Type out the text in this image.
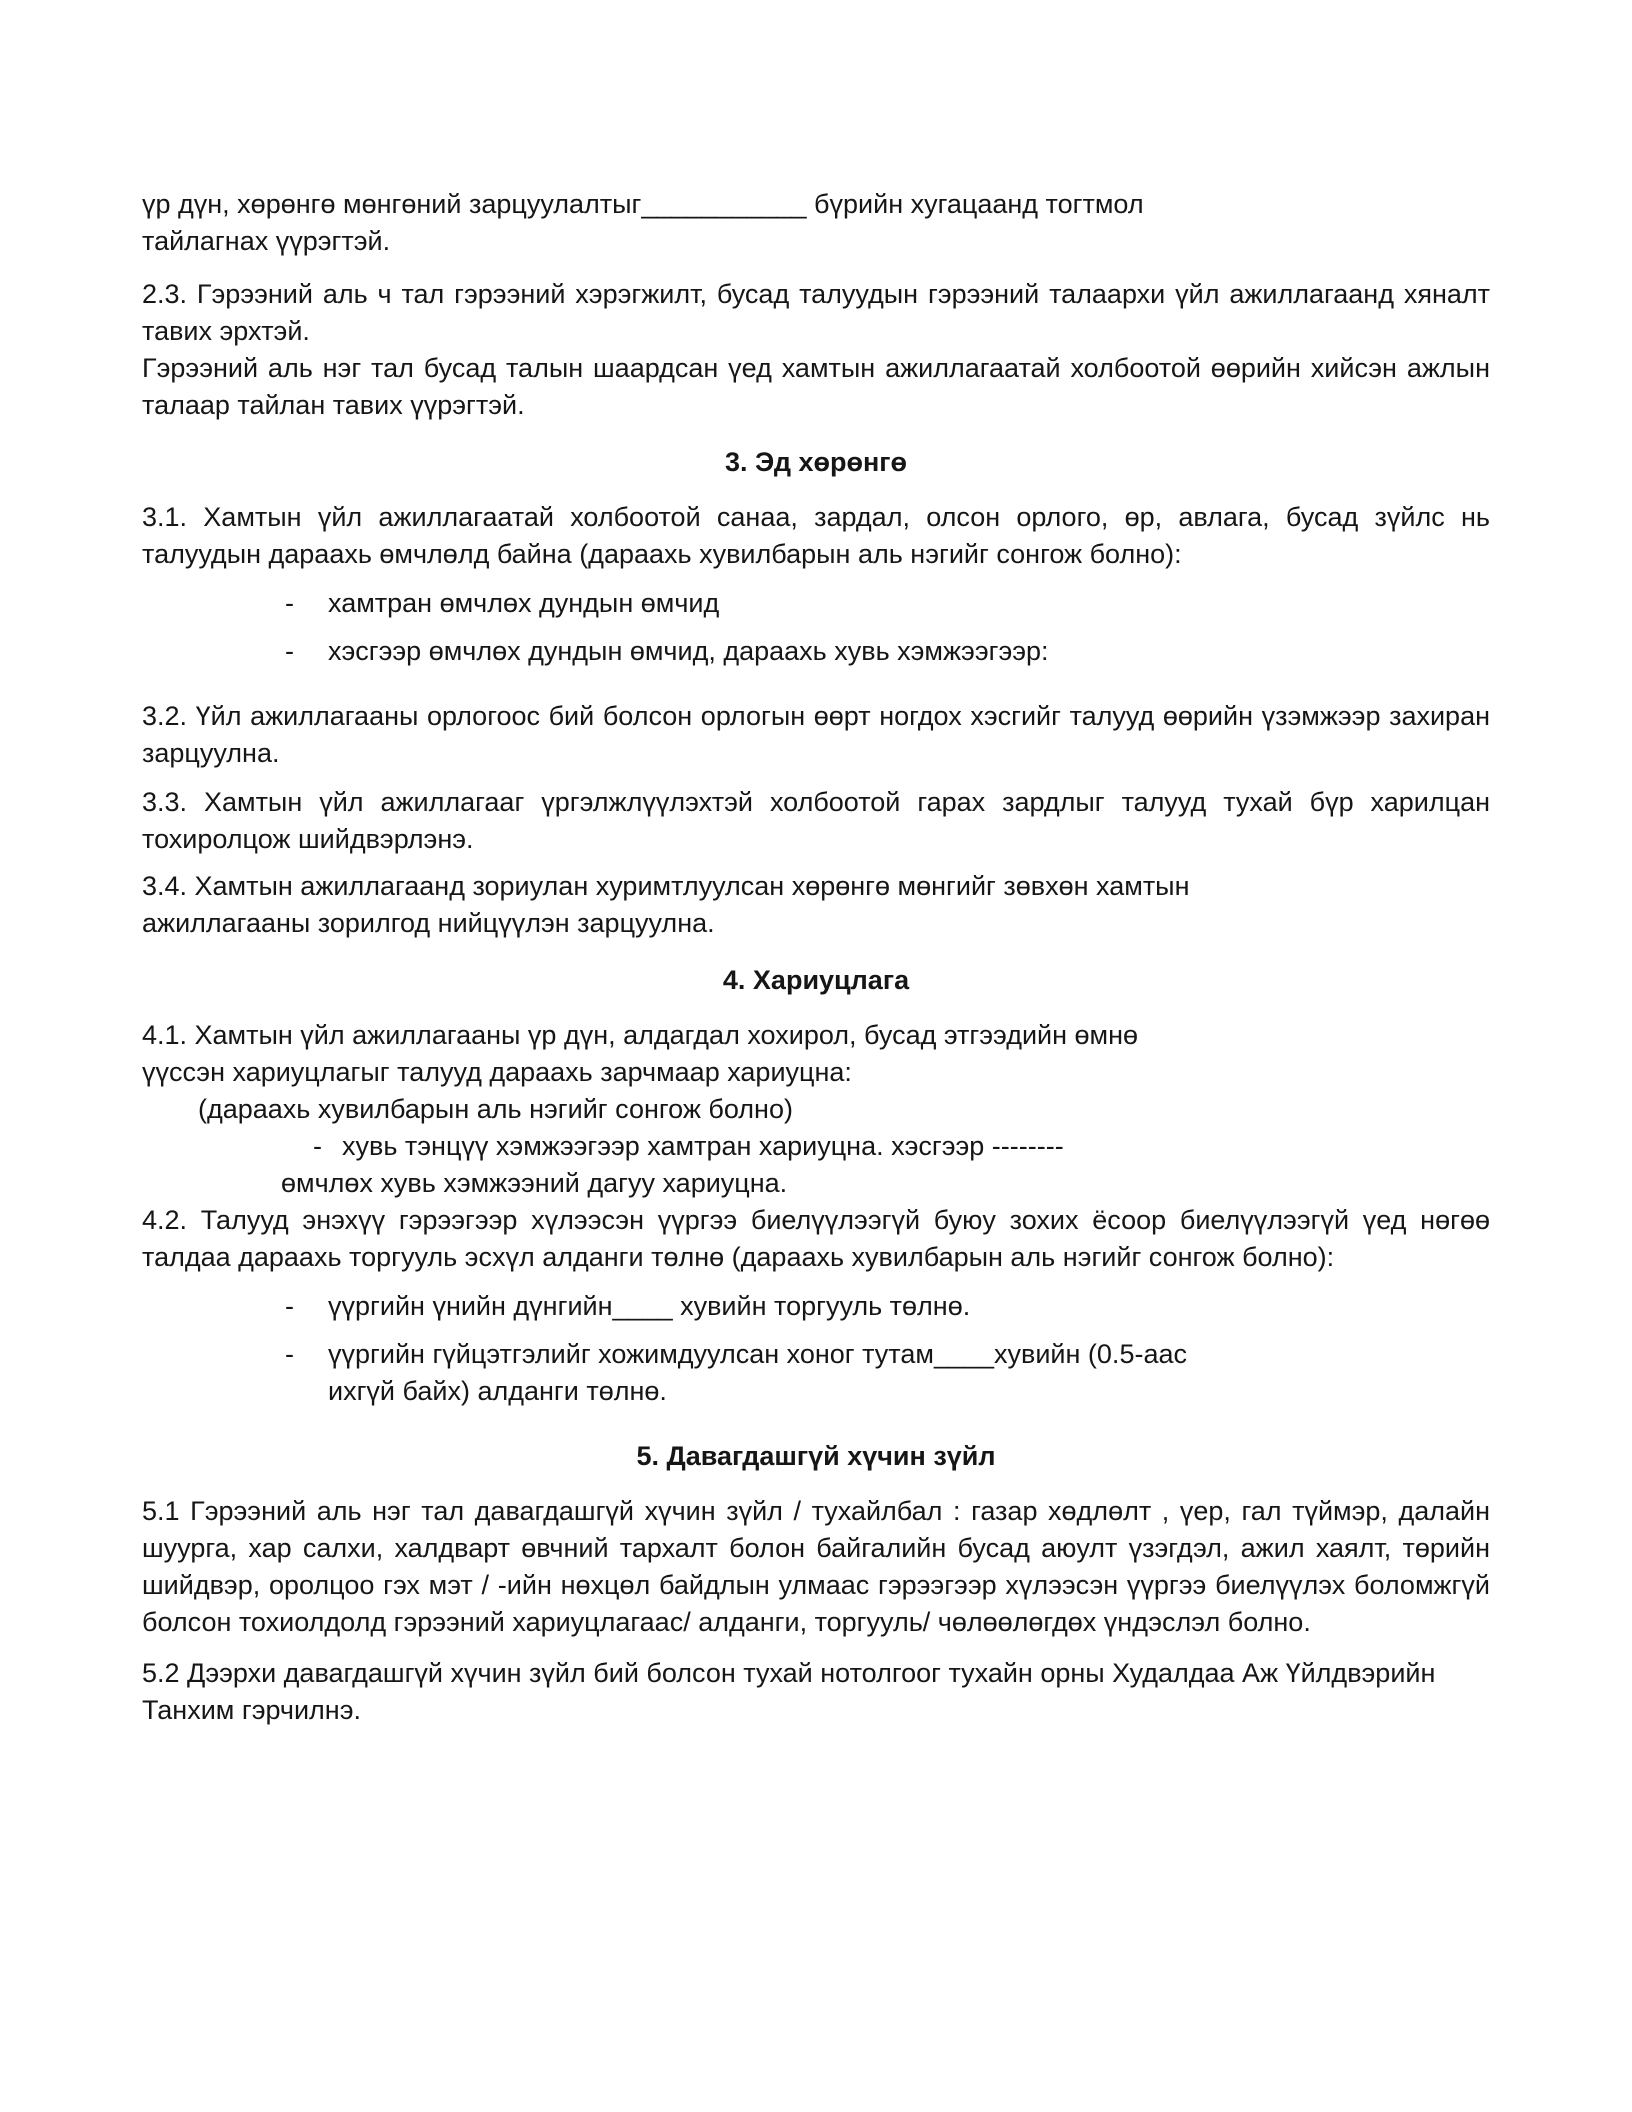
үр дүн, хөрөнгө мөнгөний зарцуулалтыг___________ бүрийн хугацаанд тогтмол
тайлагнах үүрэгтэй.
2.3. Гэрээний аль ч тал гэрээний хэрэгжилт, бусад талуудын гэрээний талаархи үйл ажиллагаанд хяналт тавих эрхтэй.
Гэрээний аль нэг тал бусад талын шаардсан үед хамтын ажиллагаатай холбоотой өөрийн хийсэн ажлын талаар тайлан тавих үүрэгтэй.
3. Эд хөрөнгө
3.1. Хамтын үйл ажиллагаатай холбоотой санаа, зардал, олсон орлого, өр, авлага, бусад зүйлс нь талуудын дараахь өмчлөлд байна (дараахь хувилбарын аль нэгийг сонгож болно):
-	хамтран өмчлөх дундын өмчид
-	хэсгээр өмчлөх дундын өмчид, дараахь хувь хэмжээгээр:
3.2. Үйл ажиллагааны орлогоос бий болсон орлогын өөрт ногдох хэсгийг талууд өөрийн үзэмжээр захиран зарцуулна.
3.3. Хамтын үйл ажиллагааг үргэлжлүүлэхтэй холбоотой гарах зардлыг талууд тухай бүр харилцан тохиролцож шийдвэрлэнэ.
3.4. Хамтын ажиллагаанд зориулан хуримтлуулсан хөрөнгө мөнгийг зөвхөн хамтын
ажиллагааны зорилгод нийцүүлэн зарцуулна.
4. Хариуцлага
4.1. Хамтын үйл ажиллагааны үр дүн, алдагдал хохирол, бусад этгээдийн өмнө
үүссэн хариуцлагыг талууд дараахь зарчмаар хариуцна:
(дараахь хувилбарын аль нэгийг сонгож болно)
- хувь тэнцүү хэмжээгээр хамтран хариуцна. хэсгээр --------
өмчлөх хувь хэмжээний дагуу хариуцна.
4.2. Талууд энэхүү гэрээгээр хүлээсэн үүргээ биелүүлээгүй буюу зохих ёсоор биелүүлээгүй үед нөгөө талдаа дараахь торгууль эсхүл алданги төлнө (дараахь хувилбарын аль нэгийг сонгож болно):
-	үүргийн үнийн дүнгийн____ хувийн торгууль төлнө.
-	үүргийн гүйцэтгэлийг хожимдуулсан хоног тутам____хувийн (0.5-аас
ихгүй байх) алданги төлнө.
5. Давагдашгүй хүчин зүйл
5.1 Гэрээний аль нэг тал давагдашгүй хүчин зүйл / тухайлбал : газар хөдлөлт , үер, гал түймэр, далайн шуурга, хар салхи, халдварт өвчний тархалт болон байгалийн бусад аюулт үзэгдэл, ажил хаялт, төрийн шийдвэр, оролцоо гэх мэт / -ийн нөхцөл байдлын улмаас гэрээгээр хүлээсэн үүргээ биелүүлэх боломжгүй болсон тохиолдолд гэрээний хариуцлагаас/ алданги, торгууль/ чөлөөлөгдөх үндэслэл болно.
5.2 Дээрхи давагдашгүй хүчин зүйл бий болсон тухай нотолгоог тухайн орны Худалдаа Аж Үйлдвэрийн Танхим гэрчилнэ.
